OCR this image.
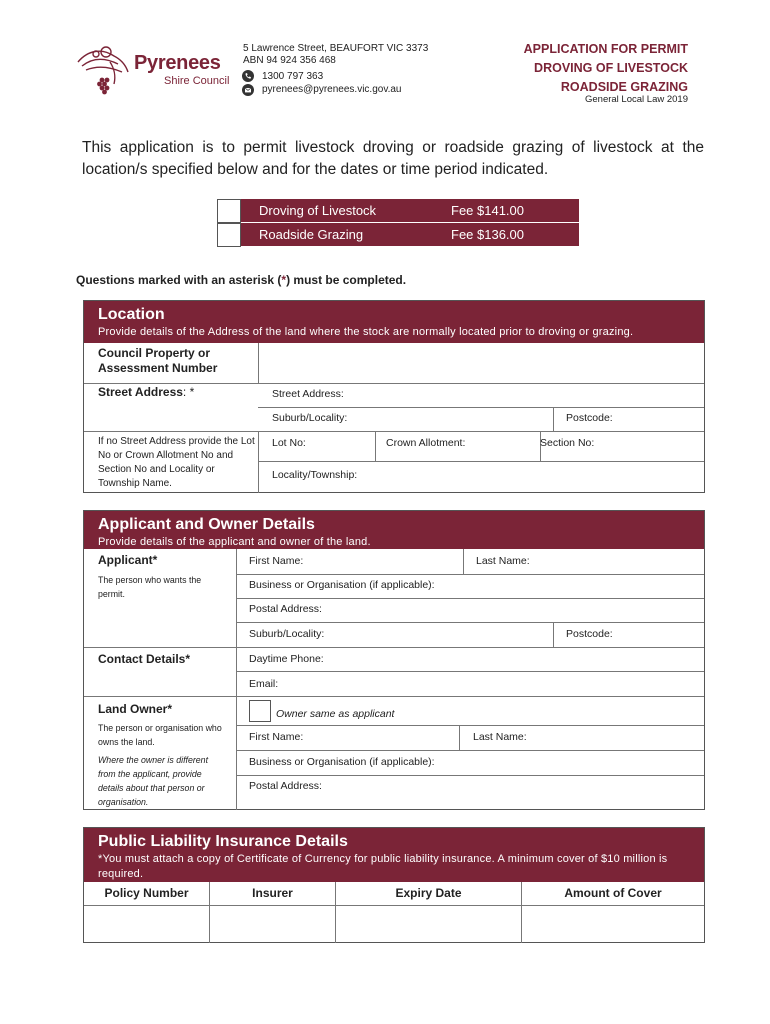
Pyrenees
Shire Council
5 Lawrence Street, BEAUFORT VIC 3373
ABN 94 924 356 468
1300 797 363
pyrenees@pyrenees.vic.gov.au
APPLICATION FOR PERMIT
DROVING OF LIVESTOCK
ROADSIDE GRAZING
General Local Law 2019
This application is to permit livestock droving or roadside grazing of livestock at the location/s specified below and for the dates or time period indicated.
Droving of Livestock	Fee $141.00
Roadside Grazing	Fee $136.00
Questions marked with an asterisk (*) must be completed.
Location
Provide details of the Address of the land where the stock are normally located prior to droving or grazing.
Council Property or Assessment Number
Street Address: *	Street Address:
Suburb/Locality:	Postcode:
If no Street Address provide the Lot No or Crown Allotment No and Section No and Locality or Township Name.
Lot No:	Crown Allotment:	Section No:
Locality/Township:
Applicant and Owner Details
Provide details of the applicant and owner of the land.
Applicant*
The person who wants the permit.
First Name:	Last Name:
Business or Organisation (if applicable):
Postal Address:
Suburb/Locality:	Postcode:
Contact Details*	Daytime Phone:
Email:
Land Owner*
The person or organisation who owns the land.
Where the owner is different from the applicant, provide details about that person or organisation.
Owner same as applicant
First Name:	Last Name:
Business or Organisation (if applicable):
Postal Address:
Public Liability Insurance Details
*You must attach a copy of Certificate of Currency for public liability insurance. A minimum cover of $10 million is required.
Policy Number	Insurer	Expiry Date	Amount of Cover
